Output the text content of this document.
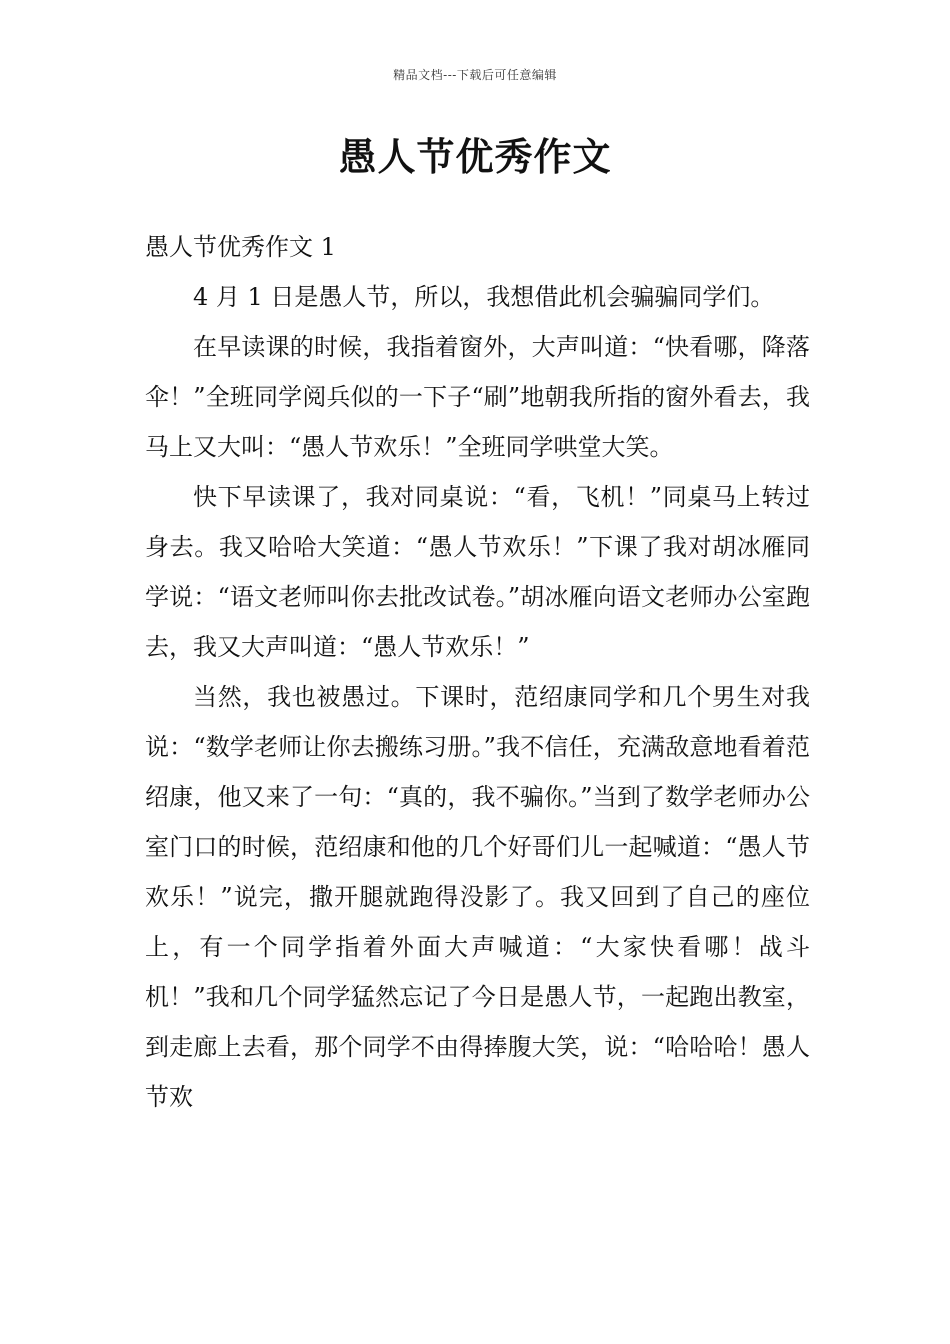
精品文档---下载后可任意编辑
愚人节优秀作文

愚人节优秀作文 1

4 月 1 日是愚人节，所以，我想借此机会骗骗同学们。

在早读课的时候，我指着窗外，大声叫道：“快看哪，降落伞！”全班同学阅兵似的一下子“刷”地朝我所指的窗外看去，我马上又大叫：“愚人节欢乐！”全班同学哄堂大笑。

快下早读课了，我对同桌说：“看，飞机！”同桌马上转过身去。我又哈哈大笑道：“愚人节欢乐！”下课了我对胡冰雁同学说：“语文老师叫你去批改试卷。”胡冰雁向语文老师办公室跑去，我又大声叫道：“愚人节欢乐！”

当然，我也被愚过。下课时，范绍康同学和几个男生对我说：“数学老师让你去搬练习册。”我不信任，充满敌意地看着范绍康，他又来了一句：“真的，我不骗你。”当到了数学老师办公室门口的时候，范绍康和他的几个好哥们儿一起喊道：“愚人节欢乐！”说完，撒开腿就跑得没影了。我又回到了自己的座位上，有一个同学指着外面大声喊道：“大家快看哪！战斗机！”我和几个同学猛然忘记了今日是愚人节，一起跑出教室，到走廊上去看，那个同学不由得捧腹大笑，说：“哈哈哈！愚人节欢
